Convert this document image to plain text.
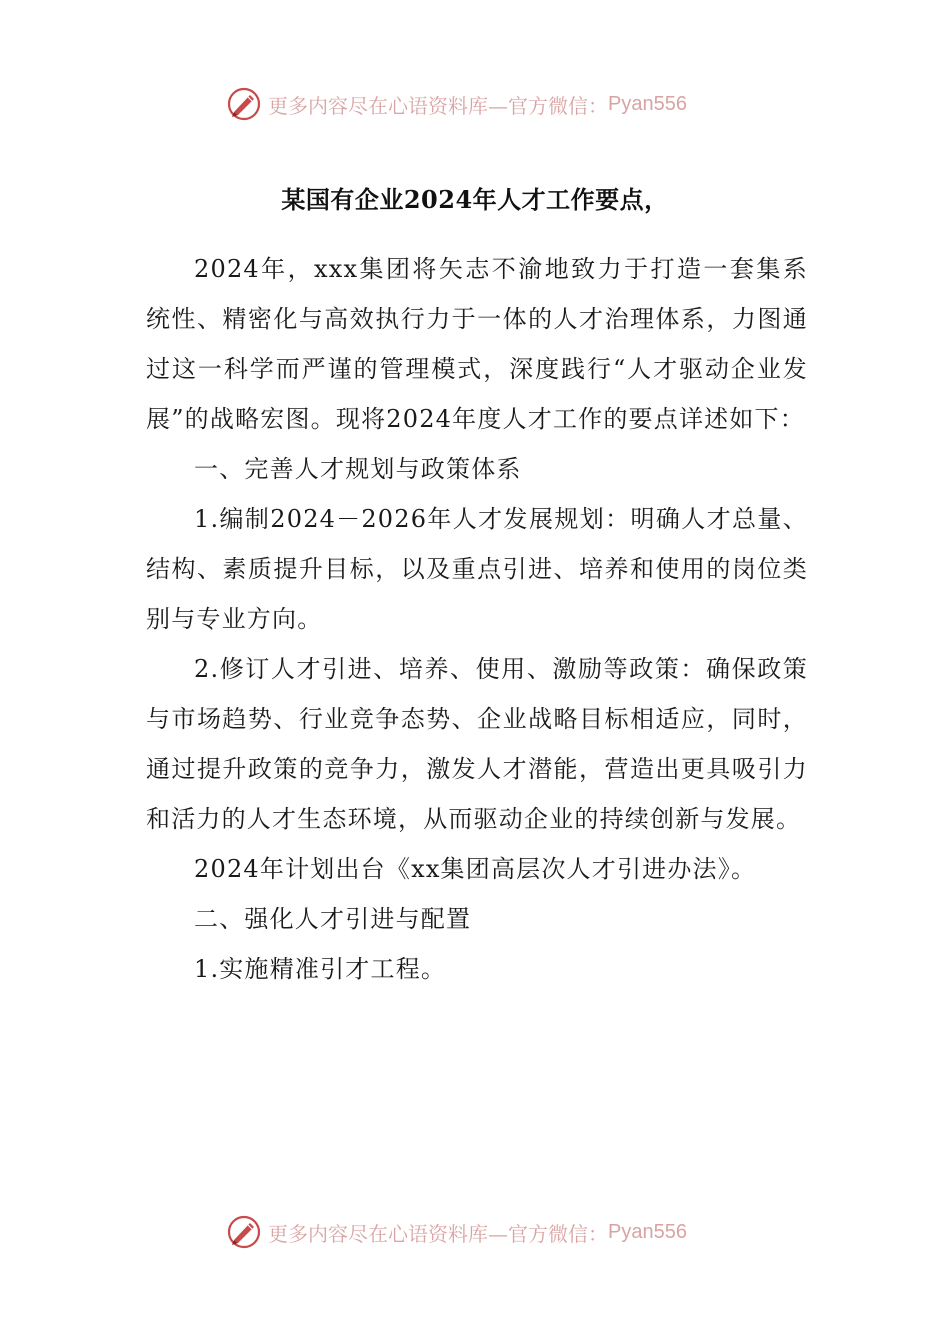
更多内容尽在心语资料库—官方微信： Pyan556
某国有企业2024年人才工作要点，

2024年，xxx集团将矢志不渝地致力于打造一套集系统性、精密化与高效执行力于一体的人才治理体系，力图通过这一科学而严谨的管理模式，深度践行“人才驱动企业发展”的战略宏图。现将2024年度人才工作的要点详述如下：

一、完善人才规划与政策体系

1.编制2024－2026年人才发展规划：明确人才总量、结构、素质提升目标，以及重点引进、培养和使用的岗位类别与专业方向。

2.修订人才引进、培养、使用、激励等政策：确保政策与市场趋势、行业竞争态势、企业战略目标相适应，同时，通过提升政策的竞争力，激发人才潜能，营造出更具吸引力和活力的人才生态环境，从而驱动企业的持续创新与发展。

2024年计划出台《xx集团高层次人才引进办法》。

二、强化人才引进与配置

1.实施精准引才工程。

更多内容尽在心语资料库—官方微信： Pyan556
